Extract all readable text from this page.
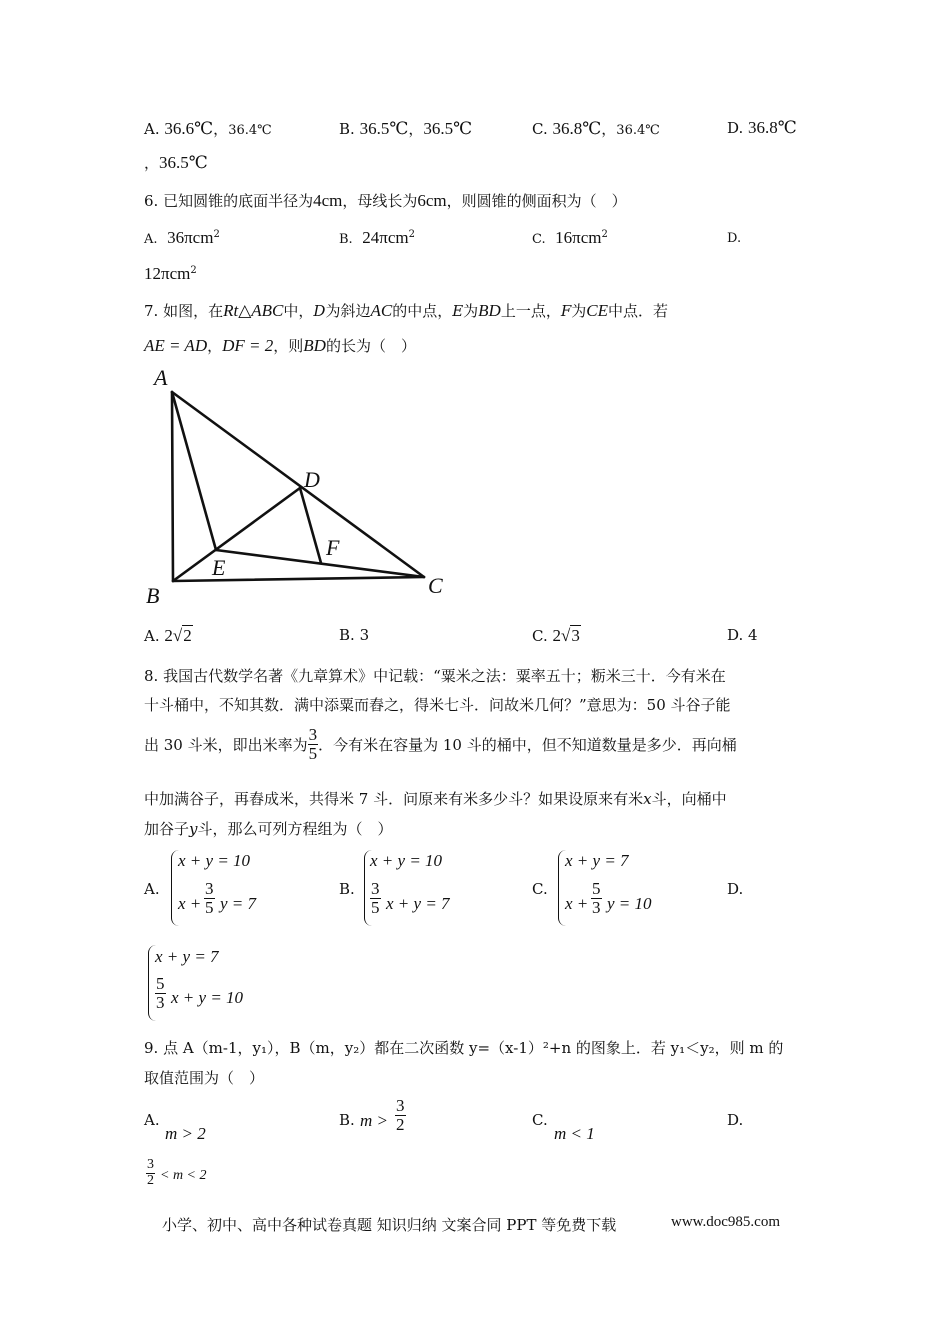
A. 36.6℃，36.4℃	B. 36.5℃，36.5℃	C. 36.8℃，36.4℃	D. 36.8℃
，36.5℃
6. 已知圆锥的底面半径为4cm，母线长为6cm，则圆锥的侧面积为（　）
A. 36πcm$^2$	B. 24πcm$^2$	C. 16πcm$^2$	D.
12πcm$^2$
7. 如图，在Rt△ABC中，D为斜边AC的中点，E为BD上一点，F为CE中点．若
AE = AD，DF = 2，则BD的长为（　）
A
B	C
D
E
F
A. 2√2	B. 3	C. 2√3	D. 4
8. 我国古代数学名著《九章算术》中记载：“粟米之法：粟率五十；粝米三十．今有米在
十斗桶中，不知其数．满中添粟而舂之，得米七斗．问故米几何？”意思为：50 斗谷子能
出 30 斗米，即出米率为 $\frac{3}{5}$ ．今有米在容量为 10 斗的桶中，但不知道数量是多少．再向桶
中加满谷子，再舂成米，共得米 7 斗．问原来有米多少斗？如果设原来有米x斗，向桶中
加谷子y斗，那么可列方程组为（　）
A.
x + y = 10
$x + \frac{3}{5}$ y = 7
B.
x + y = 10
$\frac{3}{5}$ x + y = 7
C.
x + y = 7
$x + \frac{5}{3}$ y = 10
D.
x + y = 7
$\frac{5}{3}$ x + y = 10
9. 点 A（m-1，y₁），B（m，y₂）都在二次函数 y=（x-1）²+n 的图象上．若 y₁＜y₂，则 m 的
取值范围为（　）
A.
m > 2
B. $m > \frac{3}{2}$	C.
m < 1
D.
$\frac{3}{2} < m < 2$
小学、初中、高中各种试卷真题 知识归纳 文案合同 PPT 等免费下载	www.doc985.com
